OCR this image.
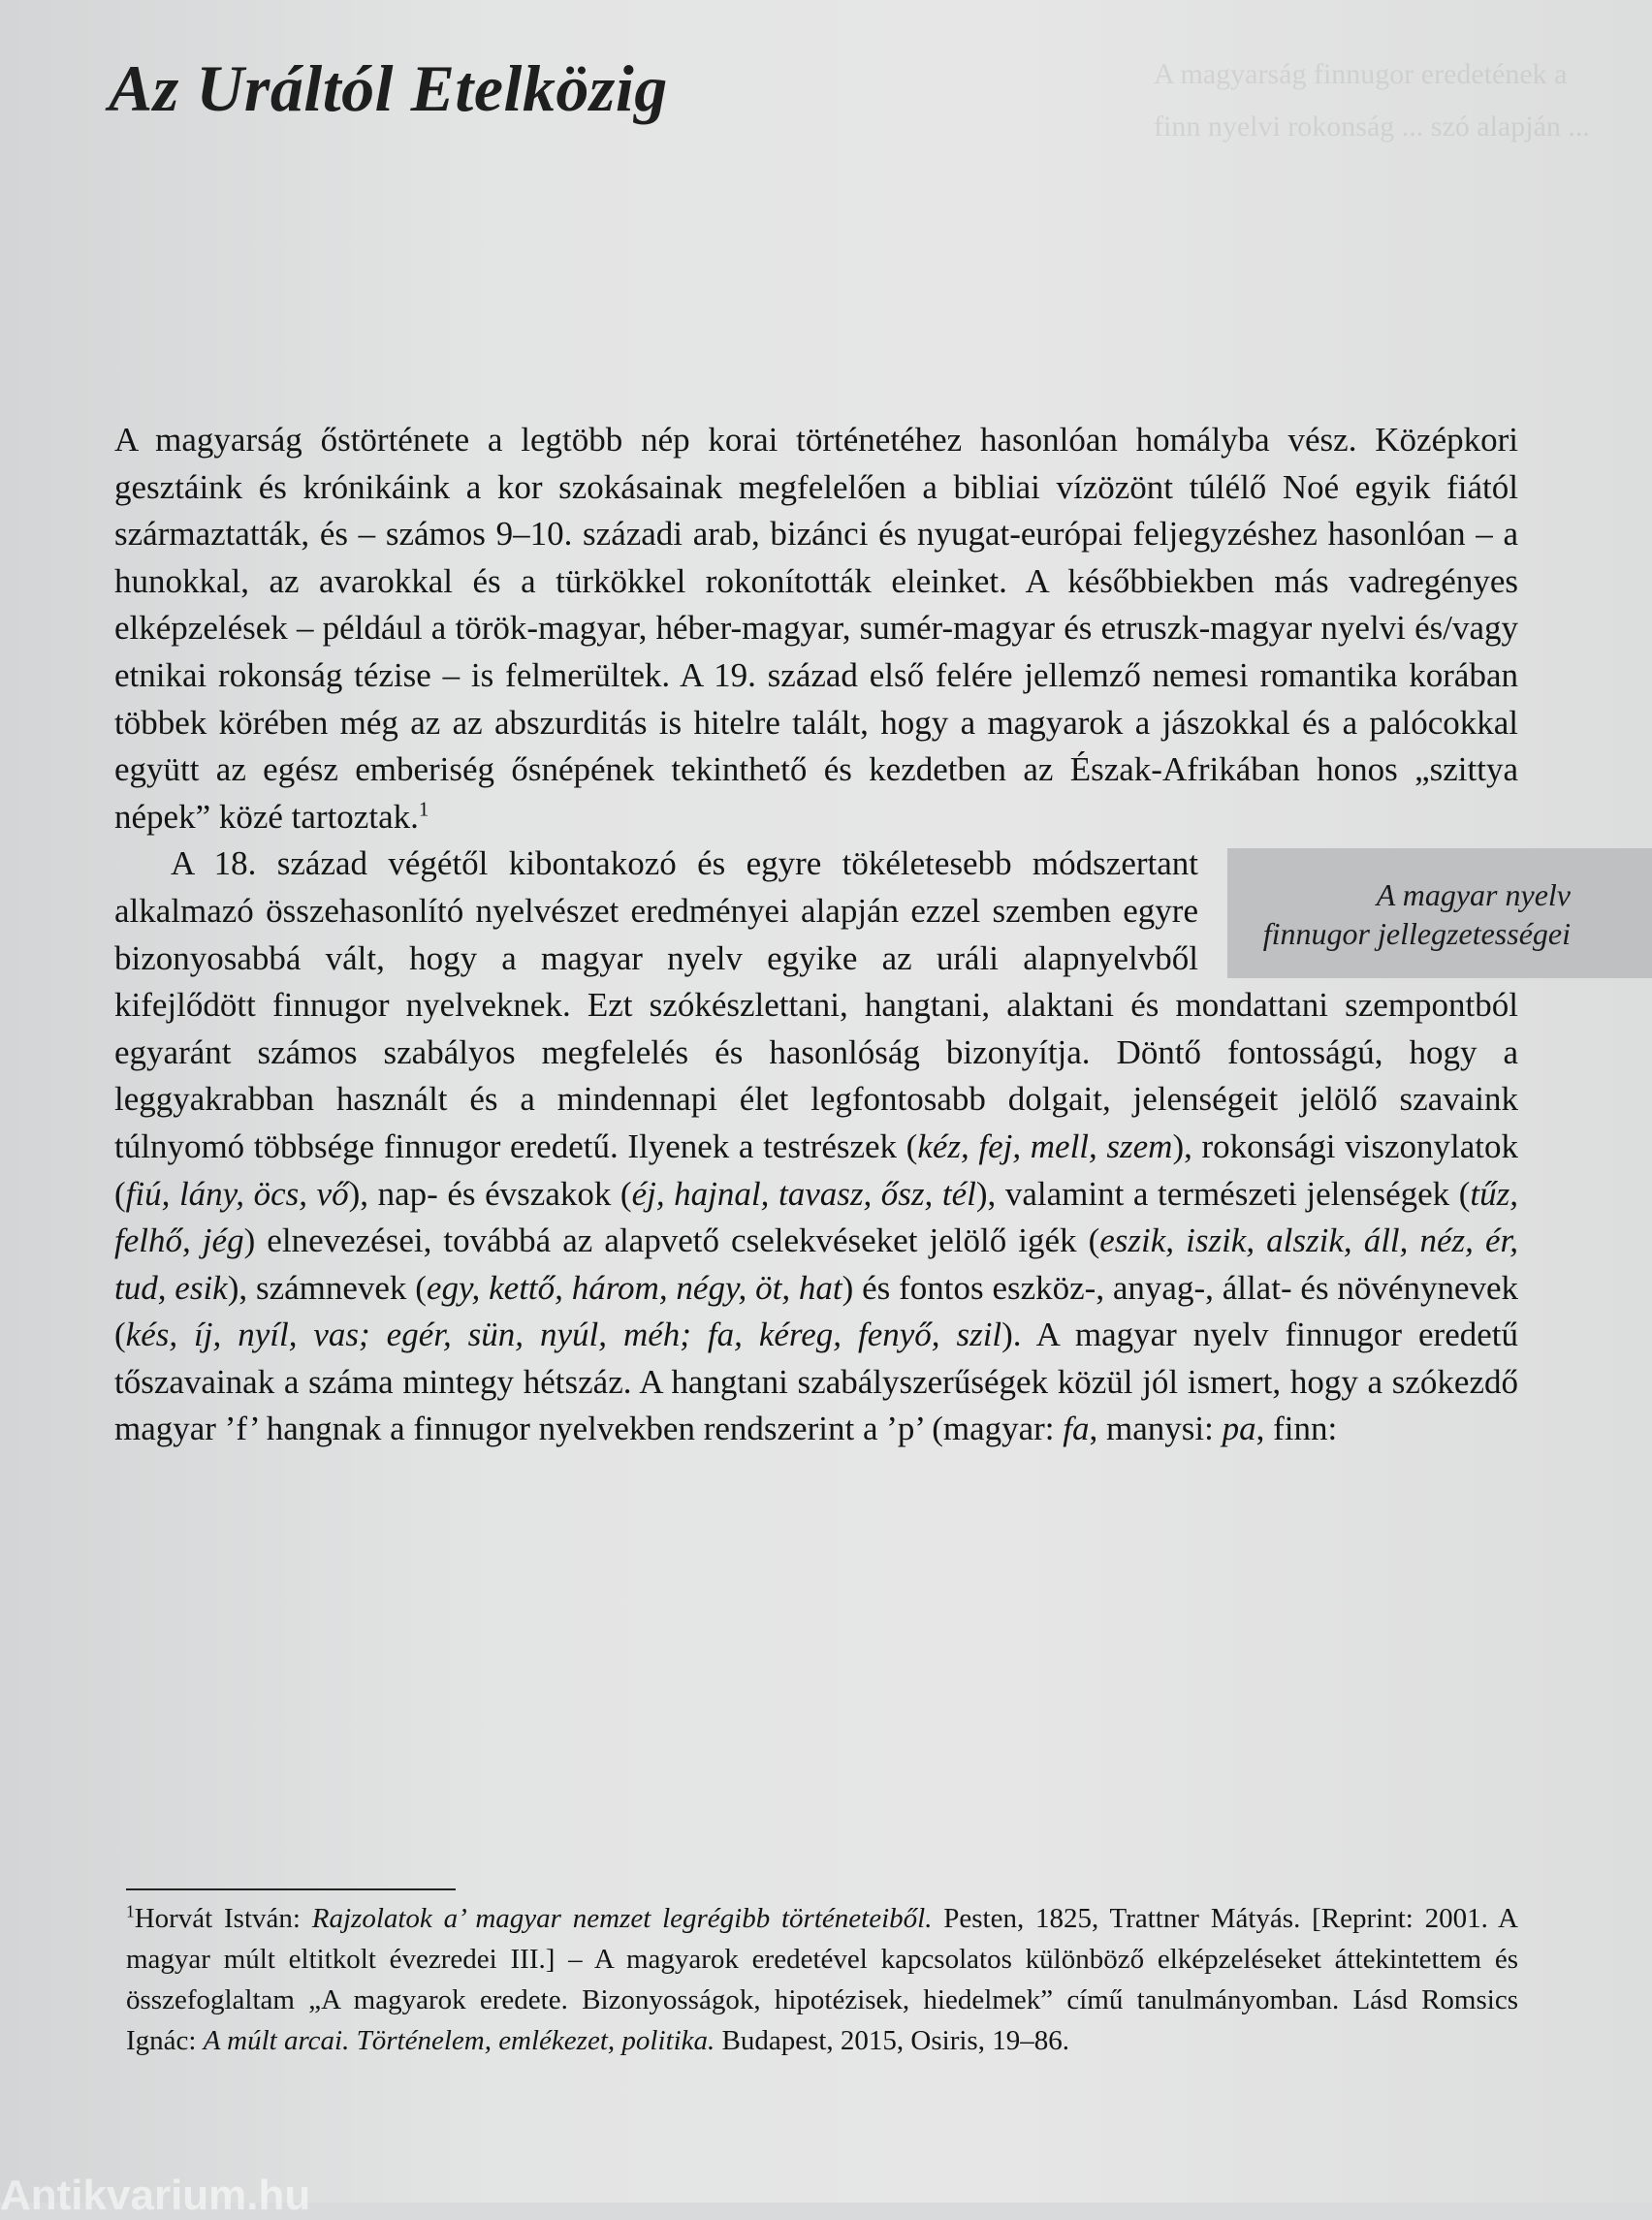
A magyarság finnugor eredetének a finn nyelvi rokonság ... szó alapján ...
Az Uráltól Etelközig

A magyarság őstörténete a legtöbb nép korai történetéhez hasonlóan homályba vész. Középkori gesztáink és krónikáink a kor szokásainak megfelelően a bibliai vízözönt túlélő Noé egyik fiától származtatták, és – számos 9–10. századi arab, bizánci és nyugat-európai feljegyzéshez hasonlóan – a hunokkal, az avarokkal és a türkökkel rokonították eleinket. A későbbiekben más vadregényes elképzelések – például a török-magyar, héber-magyar, sumér-magyar és etruszk-magyar nyelvi és/vagy etnikai rokonság tézise – is felmerültek. A 19. század első felére jellemző nemesi romantika korában többek körében még az az abszurditás is hitelre talált, hogy a magyarok a jászokkal és a palócokkal együtt az egész emberiség ősnépének tekinthető és kezdetben az Észak-Afrikában honos „szittya népek” közé tartoztak.$^1$

A magyar nyelv finnugor jellegzetességei
A 18. század végétől kibontakozó és egyre tökéletesebb módszertant alkalmazó összehasonlító nyelvészet eredményei alapján ezzel szemben egyre bizonyosabbá vált, hogy a magyar nyelv egyike az uráli alapnyelvből kifejlődött finnugor nyelveknek. Ezt szókészlettani, hangtani, alaktani és mondattani szempontból egyaránt számos szabályos megfelelés és hasonlóság bizonyítja. Döntő fontosságú, hogy a leggyakrabban használt és a mindennapi élet legfontosabb dolgait, jelenségeit jelölő szavaink túlnyomó többsége finnugor eredetű. Ilyenek a testrészek (kéz, fej, mell, szem), rokonsági viszonylatok (fiú, lány, öcs, vő), nap- és évszakok (éj, hajnal, tavasz, ősz, tél), valamint a természeti jelenségek (tűz, felhő, jég) elnevezései, továbbá az alapvető cselekvéseket jelölő igék (eszik, iszik, alszik, áll, néz, ér, tud, esik), számnevek (egy, kettő, három, négy, öt, hat) és fontos eszköz-, anyag-, állat- és növénynevek (kés, íj, nyíl, vas; egér, sün, nyúl, méh; fa, kéreg, fenyő, szil). A magyar nyelv finnugor eredetű tőszavainak a száma mintegy hétszáz. A hangtani szabályszerűségek közül jól ismert, hogy a szókezdő magyar ’f’ hangnak a finnugor nyelvekben rendszerint a ’p’ (magyar: fa, manysi: pa, finn:

$^1$Horvát István: Rajzolatok a’ magyar nemzet legrégibb történeteiből. Pesten, 1825, Trattner Mátyás. [Reprint: 2001. A magyar múlt eltitkolt évezredei III.] – A magyarok eredetével kapcsolatos különböző elképzeléseket áttekintettem és összefoglaltam „A magyarok eredete. Bizonyosságok, hipotézisek, hiedelmek” című tanulmányomban. Lásd Romsics Ignác: A múlt arcai. Történelem, emlékezet, politika. Budapest, 2015, Osiris, 19–86.
Antikvarium.hu
